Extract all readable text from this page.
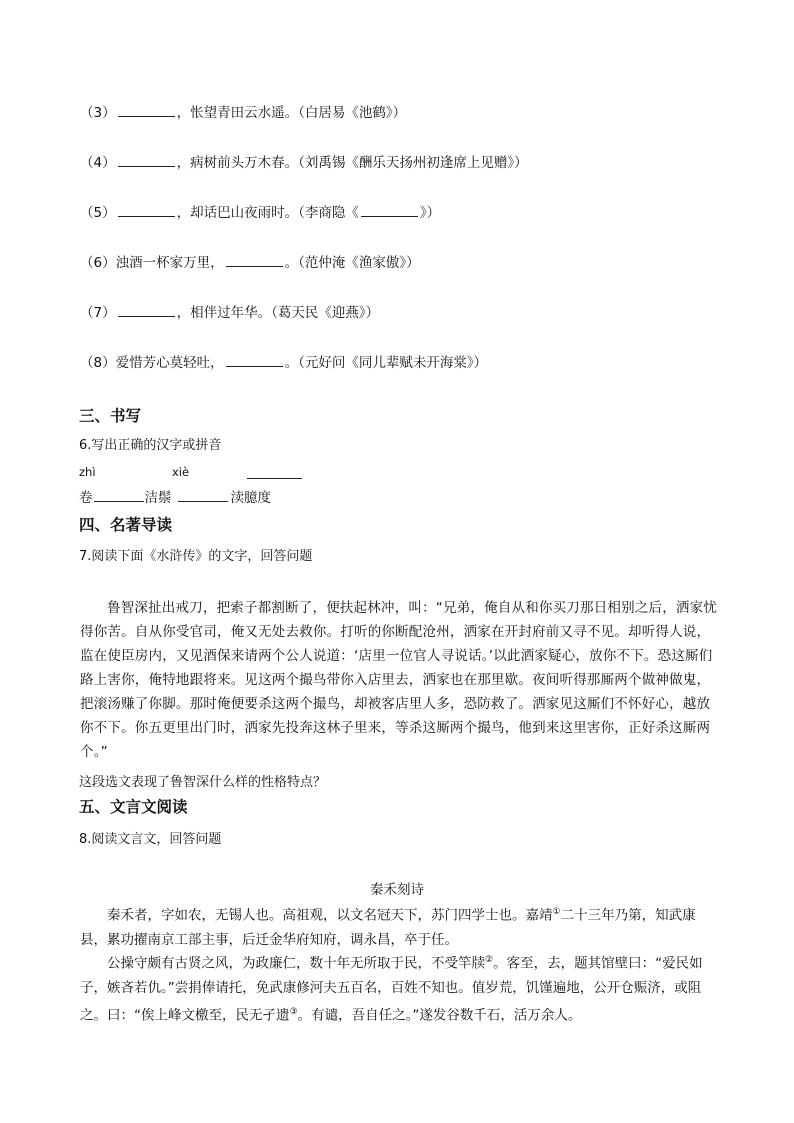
（3）	，怅望青田云水遥。（白居易《池鹤》）
（4）	，病树前头万木春。（刘禹锡《酬乐天扬州初逢席上见赠》）
（5）	，却话巴山夜雨时。（李商隐《	》）
（6）浊酒一杯家万里，	。（范仲淹《渔家傲》）
（7）	，相伴过年华。（葛天民《迎燕》）
（8）爱惜芳心莫轻吐，	。（元好问《同儿辈赋未开海棠》）
三、书写
6.写出正确的汉字或拼音
zhì	xiè
卷	洁鬃	渎臆度
四、名著导读
7.阅读下面《水浒传》的文字，回答问题
鲁智深扯出戒刀，把索子都割断了，便扶起林冲，叫：“兄弟，俺自从和你买刀那日相别之后，洒家忧得你苦。自从你受官司，俺又无处去救你。打听的你断配沧州，洒家在开封府前又寻不见。却听得人说，监在使臣房内，又见酒保来请两个公人说道：‘店里一位官人寻说话。’以此洒家疑心，放你不下。恐这厮们路上害你，俺特地跟将来。见这两个撮鸟带你入店里去，洒家也在那里歇。夜间听得那厮两个做神做鬼，把滚汤赚了你脚。那时俺便要杀这两个撮鸟，却被客店里人多，恐防救了。洒家见这厮们不怀好心，越放你不下。你五更里出门时，洒家先投奔这林子里来，等杀这厮两个撮鸟，他到来这里害你，正好杀这厮两个。”
这段选文表现了鲁智深什么样的性格特点？
五、文言文阅读
8.阅读文言文，回答问题
秦禾刻诗
秦禾者，字如农，无锡人也。高祖观，以文名冠天下，苏门四学士也。嘉靖①二十三年乃第，知武康县，累功擢南京工部主事，后迁金华府知府，调永昌，卒于任。
公操守颇有古贤之风，为政廉仁，数十年无所取于民，不受竿牍②。客至，去，题其馆壁曰：“爱民如子，嫉吝若仇。”尝捐俸请托，免武康修河夫五百名，百姓不知也。值岁荒，饥馑遍地，公开仓赈济，或阻之。曰：“俟上峰文檄至，民无孑遗③。有谴，吾自任之。”遂发谷数千石，活万余人。
